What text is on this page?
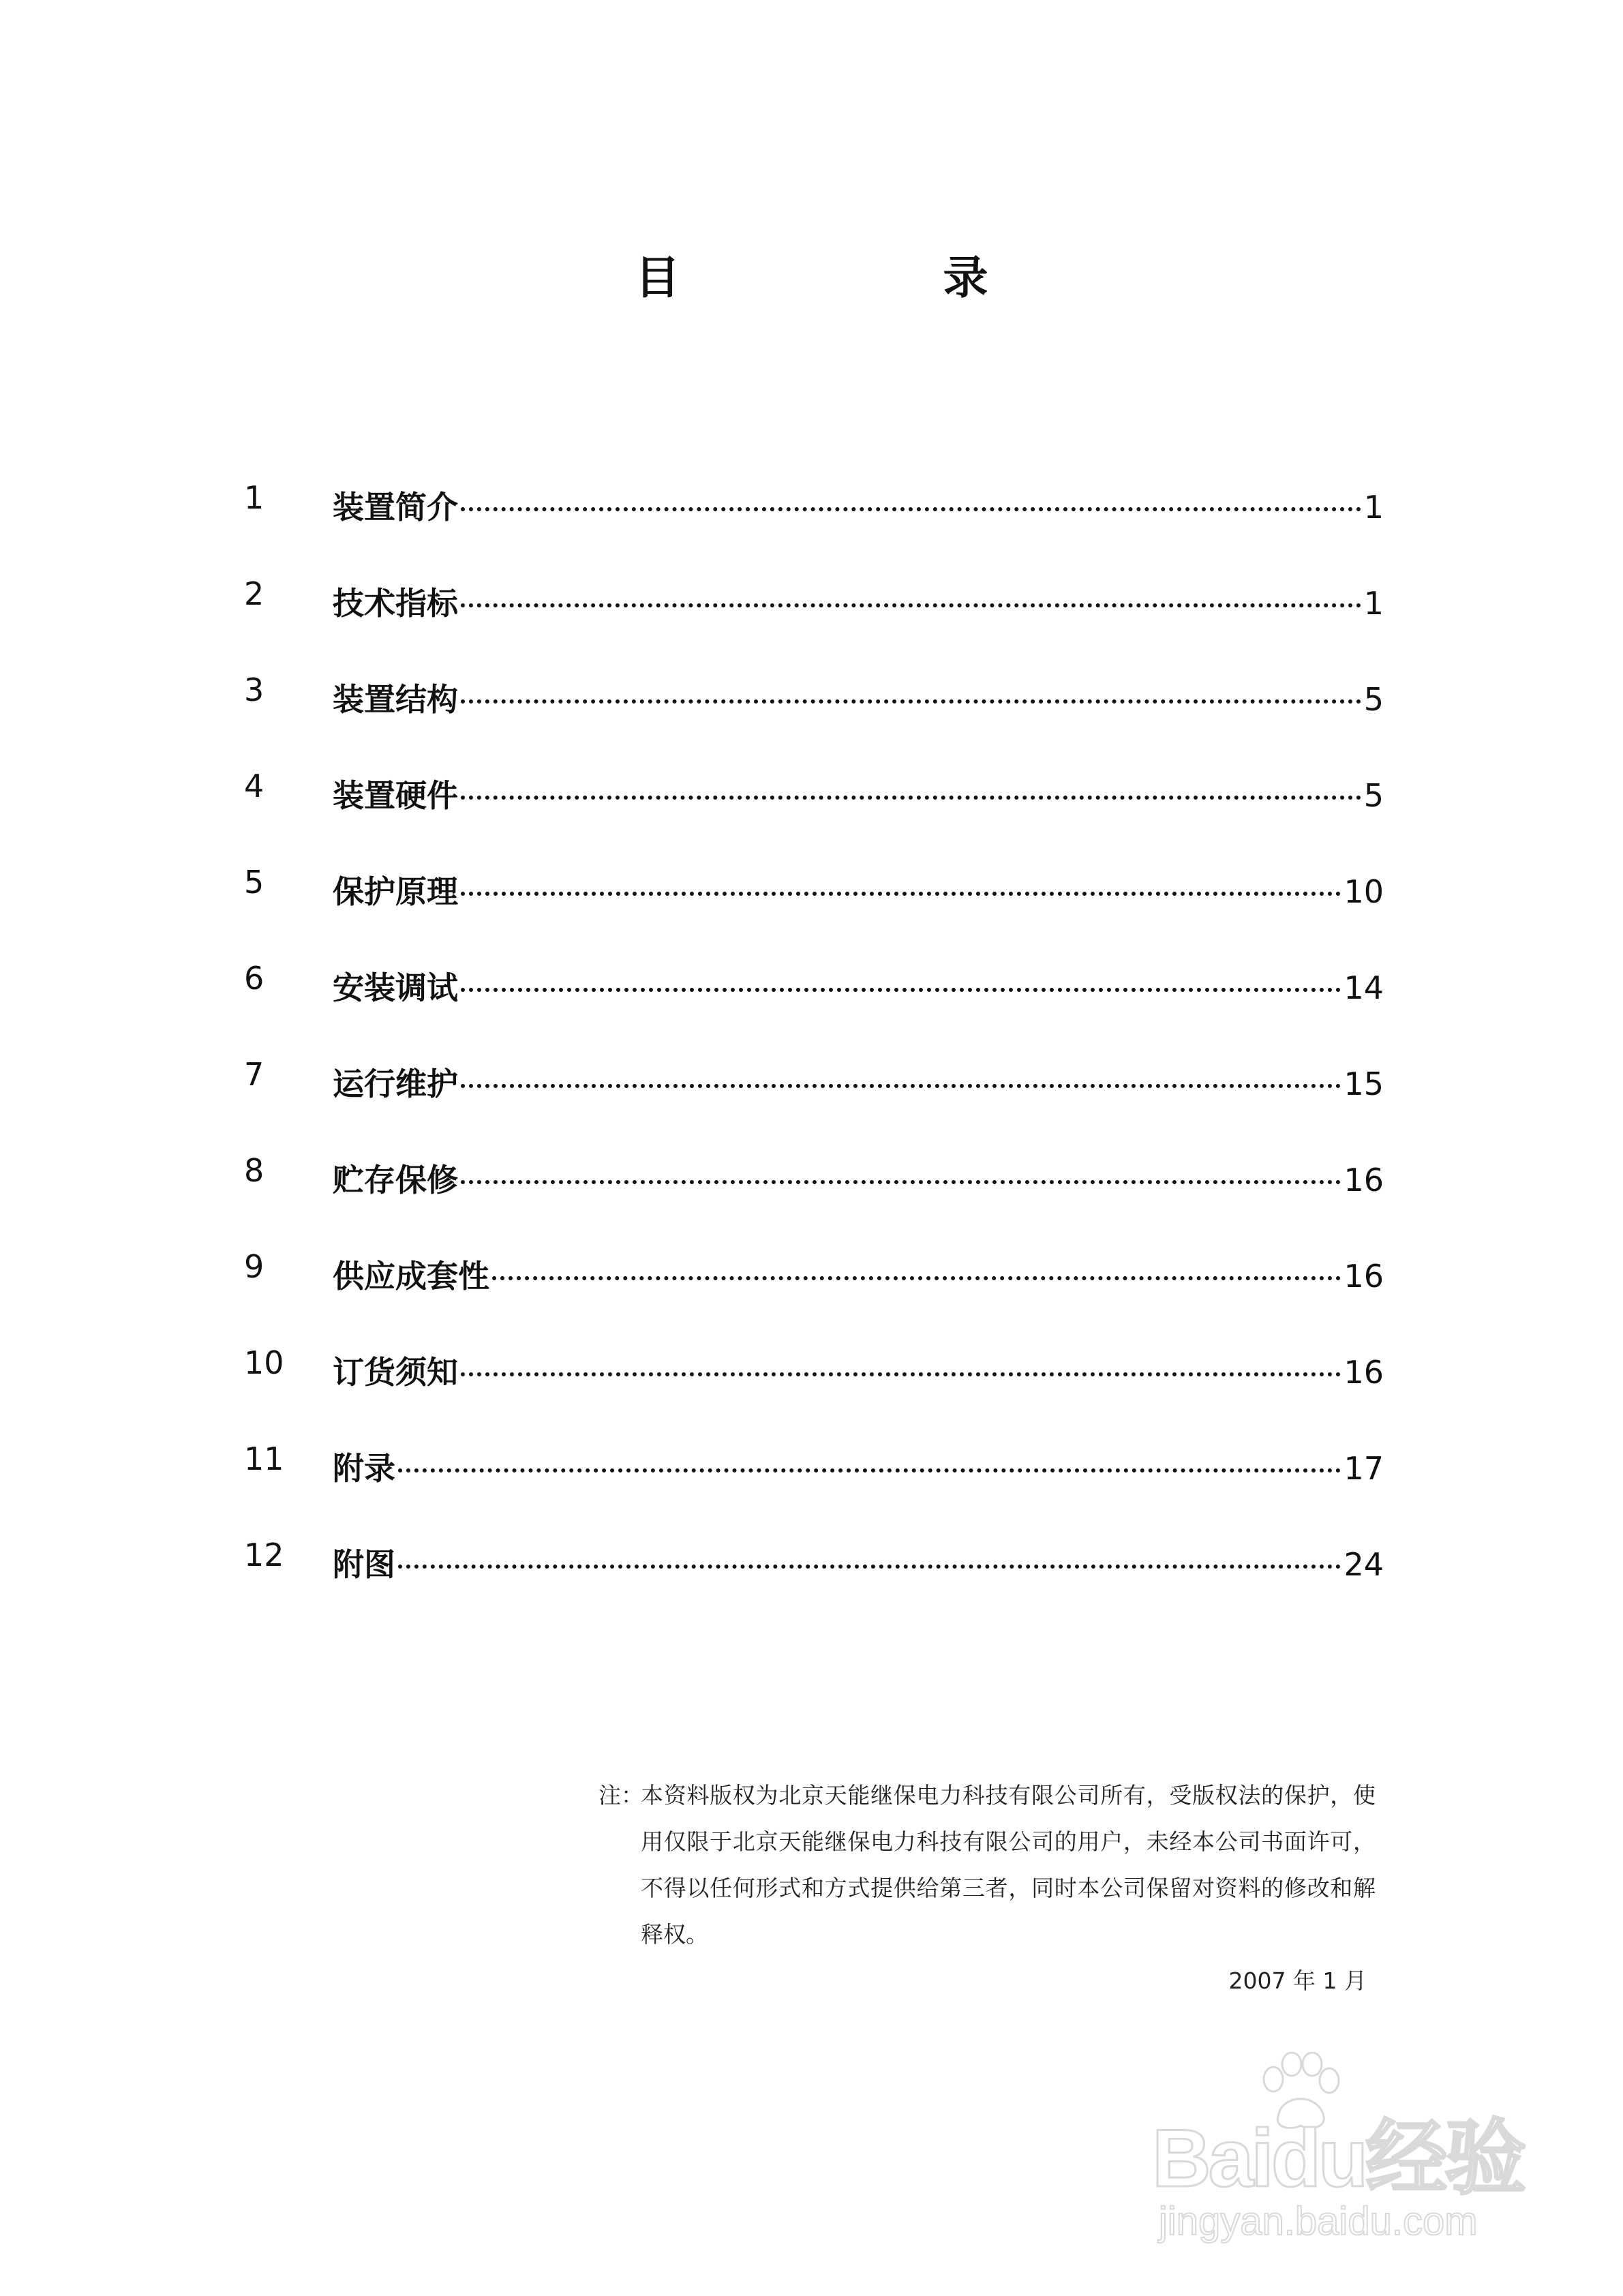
目　录
1	装置简介	1
2	技术指标	1
3	装置结构	5
4	装置硬件	5
5	保护原理	10
6	安装调试	14
7	运行维护	15
8	贮存保修	16
9	供应成套性	16
10	订货须知	16
11	附录	17
12	附图	24
注：
本资料版权为北京天能继保电力科技有限公司所有，受版权法的保护，使用仅限于北京天能继保电力科技有限公司的用户，未经本公司书面许可，不得以任何形式和方式提供给第三者，同时本公司保留对资料的修改和解释权。
2007 年 1 月
Baidu经验
jingyan.baidu.com
